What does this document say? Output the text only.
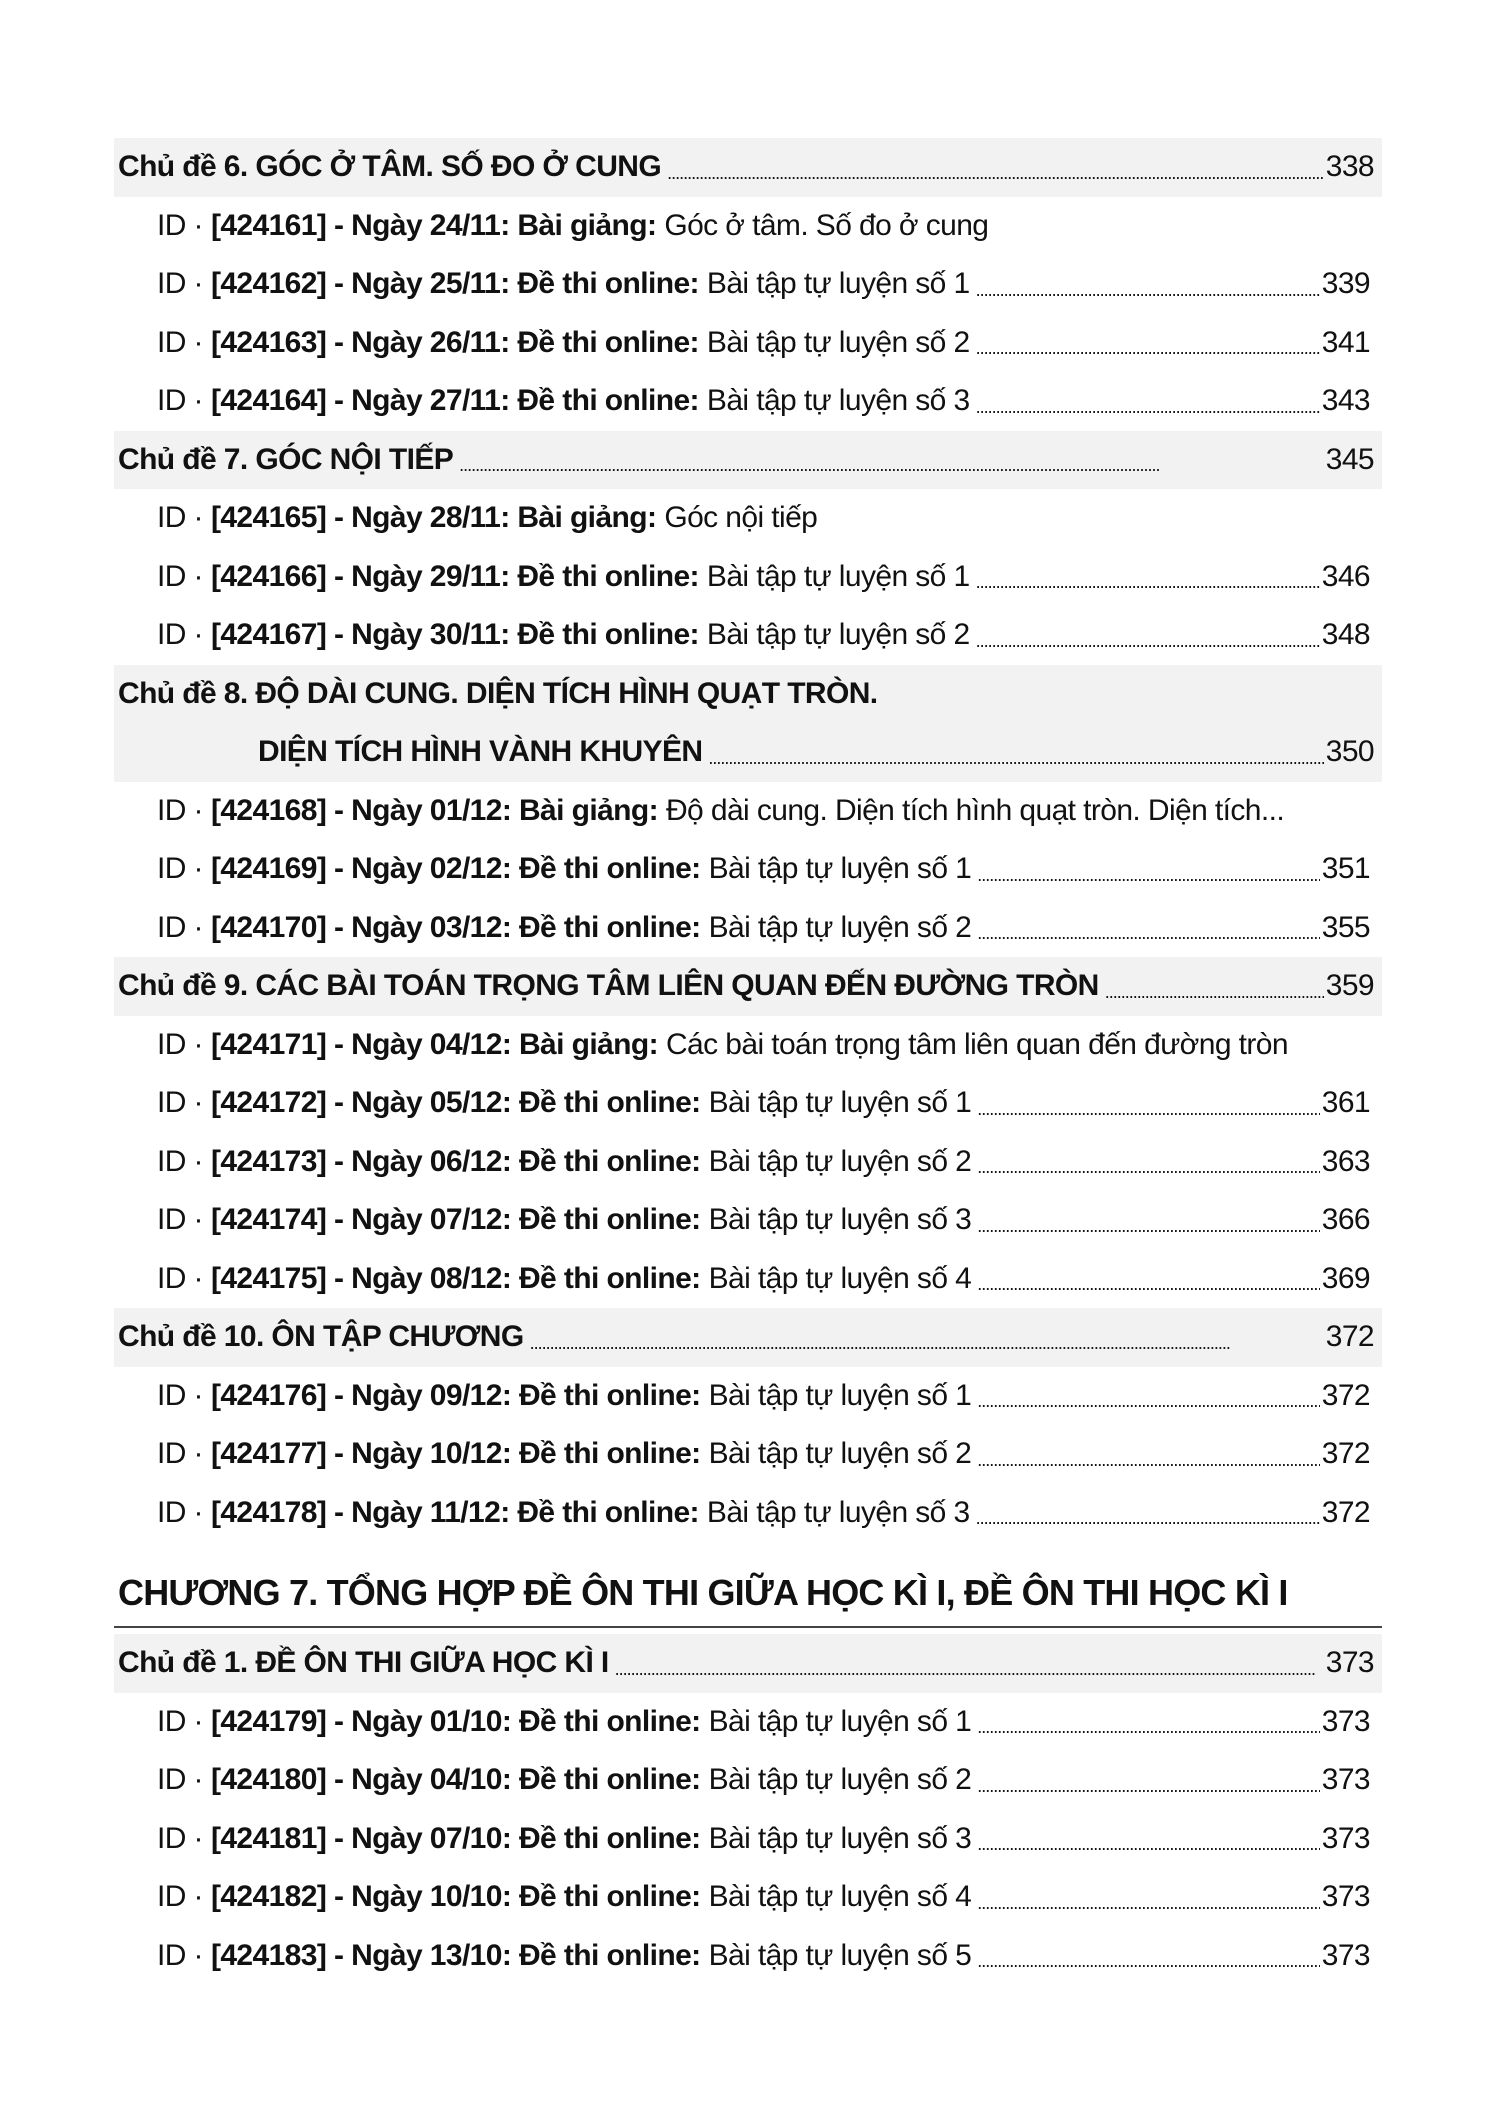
Chủ đề 6. GÓC Ở TÂM. SỐ ĐO Ở CUNG . . .	338
ID · [424161] - Ngày 24/11: Bài giảng: Góc ở tâm. Số đo ở cung
ID · [424162] - Ngày 25/11: Đề thi online: Bài tập tự luyện số 1 . . .	339
ID · [424163] - Ngày 26/11: Đề thi online: Bài tập tự luyện số 2 . . .	341
ID · [424164] - Ngày 27/11: Đề thi online: Bài tập tự luyện số 3 . . .	343
Chủ đề 7. GÓC NỘI TIẾP . . .	345
ID · [424165] - Ngày 28/11: Bài giảng: Góc nội tiếp
ID · [424166] - Ngày 29/11: Đề thi online: Bài tập tự luyện số 1 . . .	346
ID · [424167] - Ngày 30/11: Đề thi online: Bài tập tự luyện số 2 . . .	348
Chủ đề 8. ĐỘ DÀI CUNG. DIỆN TÍCH HÌNH QUẠT TRÒN.
DIỆN TÍCH HÌNH VÀNH KHUYÊN . . .	350
ID · [424168] - Ngày 01/12: Bài giảng: Độ dài cung. Diện tích hình quạt tròn. Diện tích...
ID · [424169] - Ngày 02/12: Đề thi online: Bài tập tự luyện số 1 . . .	351
ID · [424170] - Ngày 03/12: Đề thi online: Bài tập tự luyện số 2 . . .	355
Chủ đề 9. CÁC BÀI TOÁN TRỌNG TÂM LIÊN QUAN ĐẾN ĐƯỜNG TRÒN . . .	359
ID · [424171] - Ngày 04/12: Bài giảng: Các bài toán trọng tâm liên quan đến đường tròn
ID · [424172] - Ngày 05/12: Đề thi online: Bài tập tự luyện số 1 . . .	361
ID · [424173] - Ngày 06/12: Đề thi online: Bài tập tự luyện số 2 . . .	363
ID · [424174] - Ngày 07/12: Đề thi online: Bài tập tự luyện số 3 . . .	366
ID · [424175] - Ngày 08/12: Đề thi online: Bài tập tự luyện số 4 . . .	369
Chủ đề 10. ÔN TẬP CHƯƠNG . . .	372
ID · [424176] - Ngày 09/12: Đề thi online: Bài tập tự luyện số 1 . . .	372
ID · [424177] - Ngày 10/12: Đề thi online: Bài tập tự luyện số 2 . . .	372
ID · [424178] - Ngày 11/12: Đề thi online: Bài tập tự luyện số 3 . . .	372
CHƯƠNG 7. TỔNG HỢP ĐỀ ÔN THI GIỮA HỌC KÌ I, ĐỀ ÔN THI HỌC KÌ I
Chủ đề 1. ĐỀ ÔN THI GIỮA HỌC KÌ I . . .	373
ID · [424179] - Ngày 01/10: Đề thi online: Bài tập tự luyện số 1 . . .	373
ID · [424180] - Ngày 04/10: Đề thi online: Bài tập tự luyện số 2 . . .	373
ID · [424181] - Ngày 07/10: Đề thi online: Bài tập tự luyện số 3 . . .	373
ID · [424182] - Ngày 10/10: Đề thi online: Bài tập tự luyện số 4 . . .	373
ID · [424183] - Ngày 13/10: Đề thi online: Bài tập tự luyện số 5 . . .	373
